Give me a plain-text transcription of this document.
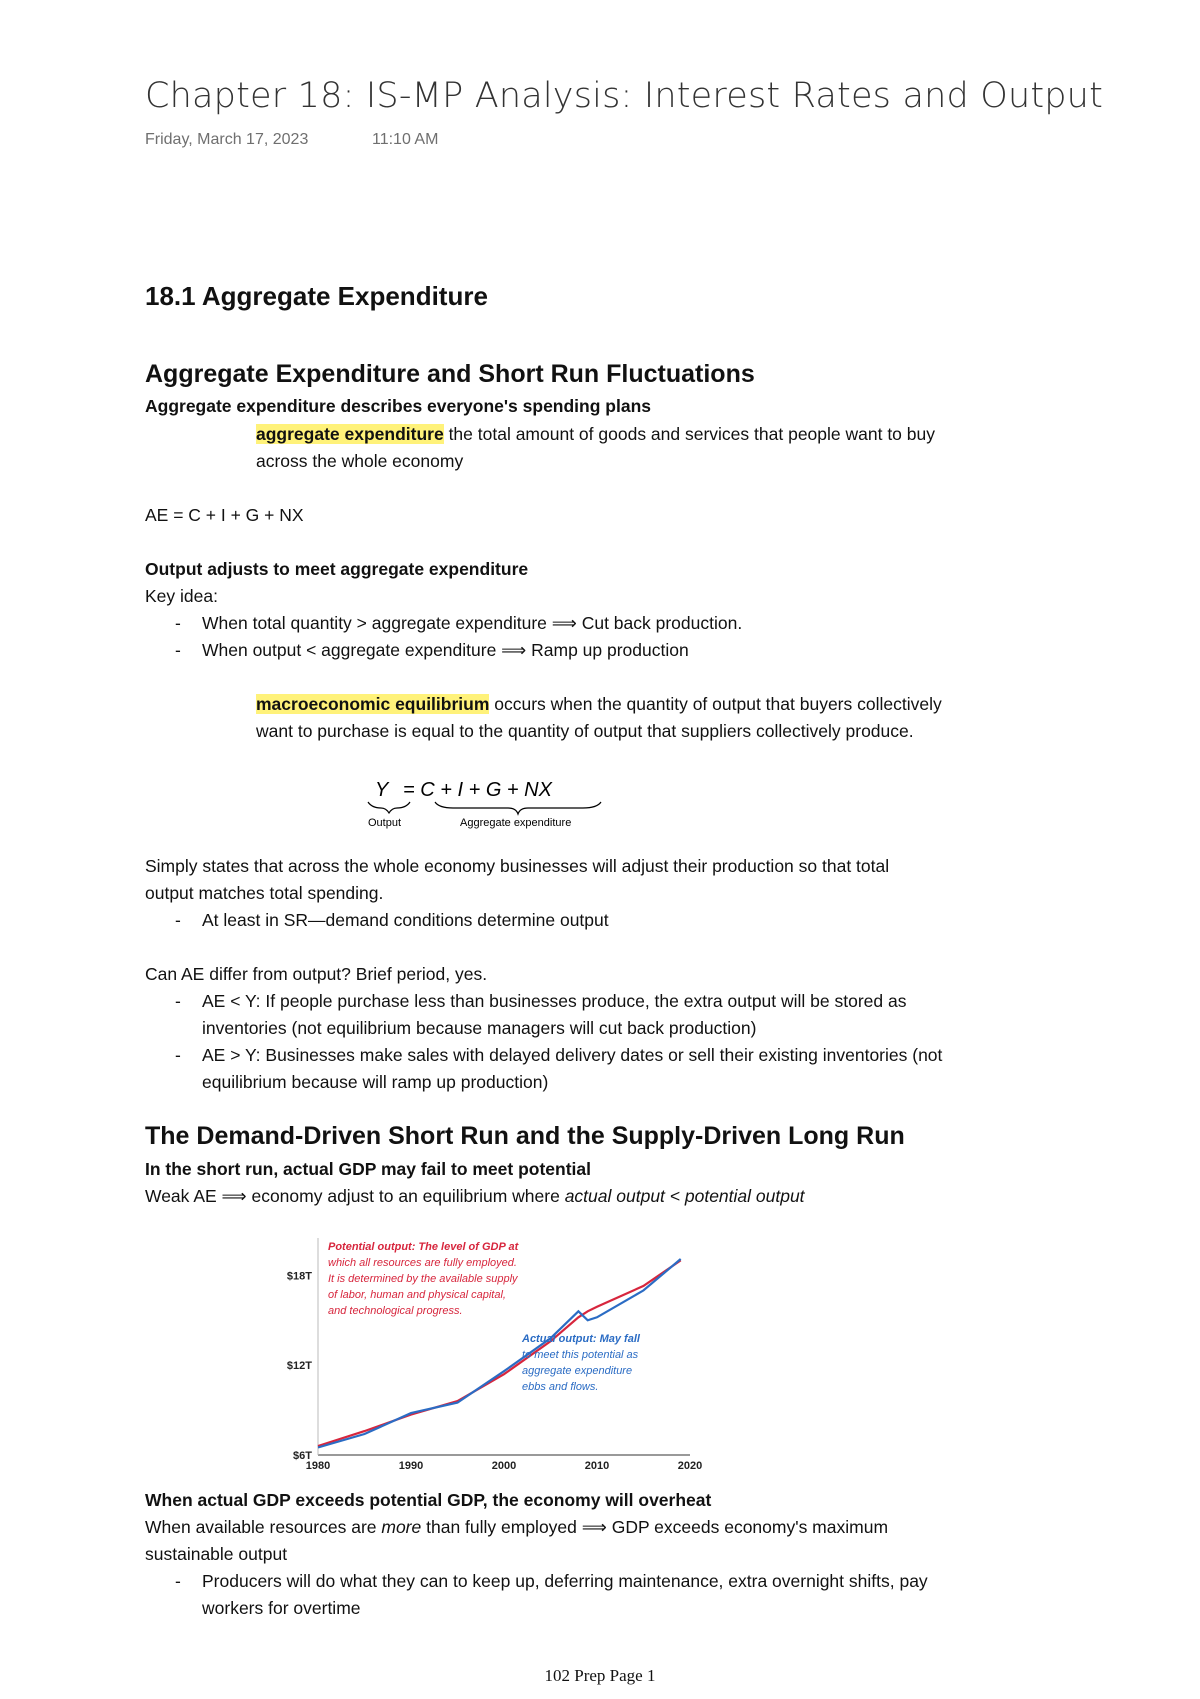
Chapter 18: IS-MP Analysis: Interest Rates and Output
Friday, March 17, 2023	11:10 AM
18.1 Aggregate Expenditure
Aggregate Expenditure and Short Run Fluctuations
Aggregate expenditure describes everyone's spending plans
aggregate expenditure the total amount of goods and services that people want to buy
across the whole economy
AE = C + I + G + NX
Output adjusts to meet aggregate expenditure
Key idea:
- When total quantity > aggregate expenditure ⟹ Cut back production.
- When output < aggregate expenditure ⟹ Ramp up production
macroeconomic equilibrium occurs when the quantity of output that buyers collectively
want to purchase is equal to the quantity of output that suppliers collectively produce.
Y = C + I + G + NX
Output	Aggregate expenditure
Simply states that across the whole economy businesses will adjust their production so that total
output matches total spending.
- At least in SR—demand conditions determine output
Can AE differ from output? Brief period, yes.
- AE < Y: If people purchase less than businesses produce, the extra output will be stored as
inventories (not equilibrium because managers will cut back production)
- AE > Y: Businesses make sales with delayed delivery dates or sell their existing inventories (not
equilibrium because will ramp up production)
The Demand-Driven Short Run and the Supply-Driven Long Run
In the short run, actual GDP may fail to meet potential
Weak AE ⟹ economy adjust to an equilibrium where actual output < potential output
$6T
$12T
$18T
1980	1990	2000	2010	2020
Potential output: The level of GDP at
which all resources are fully employed.
It is determined by the available supply
of labor, human and physical capital,
and technological progress.
Actual output: May fall
to meet this potential as
aggregate expenditure
ebbs and flows.
When actual GDP exceeds potential GDP, the economy will overheat
When available resources are more than fully employed ⟹ GDP exceeds economy's maximum
sustainable output
- Producers will do what they can to keep up, deferring maintenance, extra overnight shifts, pay
workers for overtime
102 Prep Page 1
